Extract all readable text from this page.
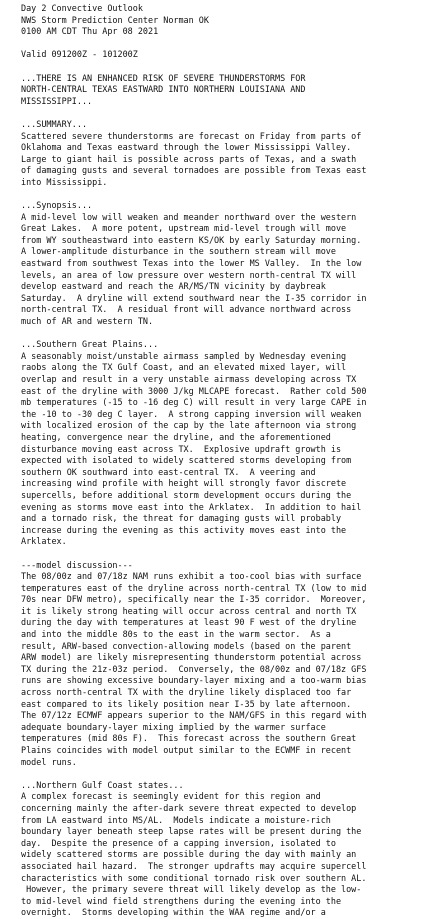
Day 2 Convective Outlook
NWS Storm Prediction Center Norman OK
0100 AM CDT Thu Apr 08 2021
Valid 091200Z - 101200Z
...THERE IS AN ENHANCED RISK OF SEVERE THUNDERSTORMS FOR
NORTH-CENTRAL TEXAS EASTWARD INTO NORTHERN LOUISIANA AND
MISSISSIPPI...
...SUMMARY...
Scattered severe thunderstorms are forecast on Friday from parts of
Oklahoma and Texas eastward through the lower Mississippi Valley.
Large to giant hail is possible across parts of Texas, and a swath
of damaging gusts and several tornadoes are possible from Texas east
into Mississippi.
...Synopsis...
A mid-level low will weaken and meander northward over the western
Great Lakes.  A more potent, upstream mid-level trough will move
from WY southeastward into eastern KS/OK by early Saturday morning.
A lower-amplitude disturbance in the southern stream will move
eastward from southwest Texas into the lower MS Valley.  In the low
levels, an area of low pressure over western north-central TX will
develop eastward and reach the AR/MS/TN vicinity by daybreak
Saturday.  A dryline will extend southward near the I-35 corridor in
north-central TX.  A residual front will advance northward across
much of AR and western TN.
...Southern Great Plains...
A seasonably moist/unstable airmass sampled by Wednesday evening
raobs along the TX Gulf Coast, and an elevated mixed layer, will
overlap and result in a very unstable airmass developing across TX
east of the dryline with 3000 J/kg MLCAPE forecast.  Rather cold 500
mb temperatures (-15 to -16 deg C) will result in very large CAPE in
the -10 to -30 deg C layer.  A strong capping inversion will weaken
with localized erosion of the cap by the late afternoon via strong
heating, convergence near the dryline, and the aforementioned
disturbance moving east across TX.  Explosive updraft growth is
expected with isolated to widely scattered storms developing from
southern OK southward into east-central TX.  A veering and
increasing wind profile with height will strongly favor discrete
supercells, before additional storm development occurs during the
evening as storms move east into the Arklatex.  In addition to hail
and a tornado risk, the threat for damaging gusts will probably
increase during the evening as this activity moves east into the
Arklatex.
---model discussion---
The 08/00z and 07/18z NAM runs exhibit a too-cool bias with surface
temperatures east of the dryline across north-central TX (low to mid
70s near DFW metro), specifically near the I-35 corridor.  Moreover,
it is likely strong heating will occur across central and north TX
during the day with temperatures at least 90 F west of the dryline
and into the middle 80s to the east in the warm sector.  As a
result, ARW-based convection-allowing models (based on the parent
ARW model) are likely misrepresenting thunderstorm potential across
TX during the 21z-03z period.  Conversely, the 08/00z and 07/18z GFS
runs are showing excessive boundary-layer mixing and a too-warm bias
across north-central TX with the dryline likely displaced too far
east compared to its likely position near I-35 by late afternoon.
The 07/12z ECMWF appears superior to the NAM/GFS in this regard with
adequate boundary-layer mixing implied by the warmer surface
temperatures (mid 80s F).  This forecast across the southern Great
Plains coincides with model output similar to the ECWMF in recent
model runs.
...Northern Gulf Coast states...
A complex forecast is seemingly evident for this region and
concerning mainly the after-dark severe threat expected to develop
from LA eastward into MS/AL.  Models indicate a moisture-rich
boundary layer beneath steep lapse rates will be present during the
day.  Despite the presence of a capping inversion, isolated to
widely scattered storms are possible during the day with mainly an
associated hail hazard.  The stronger updrafts may acquire supercell
characteristics with some conditional tornado risk over southern AL.
However, the primary severe threat will likely develop as the low-
to mid-level wind field strengthens during the evening into the
overnight.  Storms developing within the WAA regime and/or a
